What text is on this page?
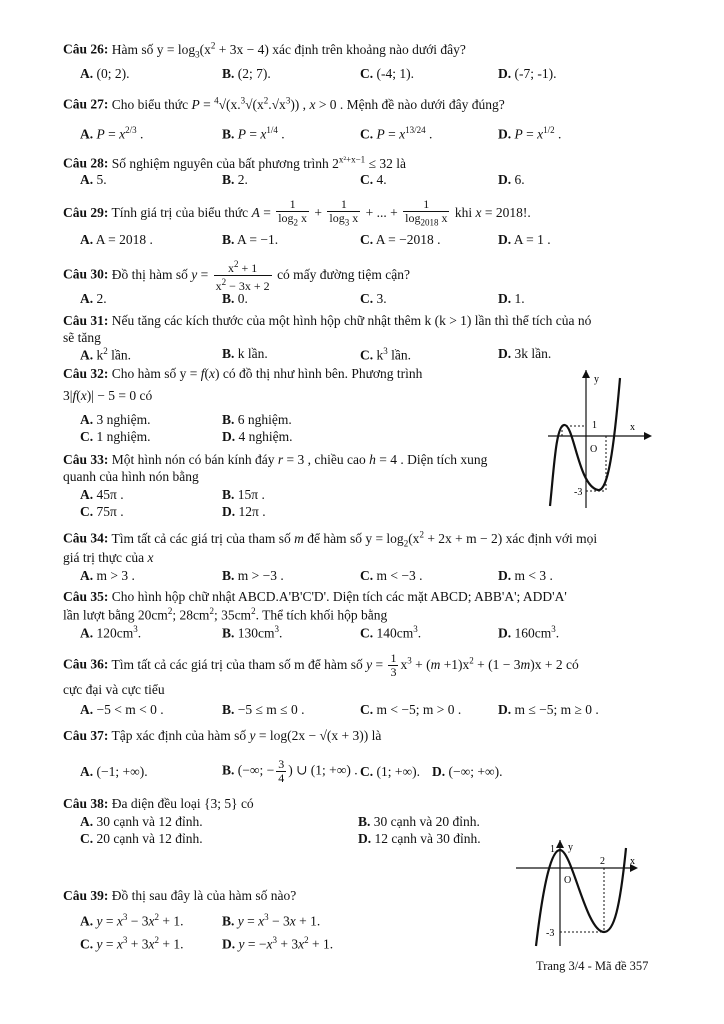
Câu 26: Hàm số $y = \log_3(x^2 + 3x - 4)$ xác định trên khoảng nào dưới đây?
A. (0; 2).	B. (2; 7).	C. (-4; 1).	D. (-7; -1).
Câu 27: Cho biểu thức $P = ^4√(x.^3√(x^2.√x^3))$ , x > 0 . Mệnh đề nào dưới đây đúng?
A. $P = x^{2/3}$ .	B. $P = x^{1/4}$ .	C. $P = x^{13/24}$ .	D. $P = x^{1/2}$ .
Câu 28: Số nghiệm nguyên của bất phương trình $2^{x^2+x-1} \le 32$ là
A. 5.	B. 2.	C. 4.	D. 6.
Câu 29: Tính giá trị của biểu thức $A = \frac{1}{\log_2 x} + \frac{1}{\log_3 x}$ + ... + $\frac{1}{\log_{2018} x}$ khi x = 2018!.
A. A = 2018 .	B. A = −1.	C. A = −2018 .	D. A = 1 .
Câu 30: Đồ thị hàm số $y = \frac{x^2 + 1}{x^2 - 3x + 2}$ có mấy đường tiệm cận?
A. 2.	B. 0.	C. 3.	D. 1.
Câu 31: Nếu tăng các kích thước của một hình hộp chữ nhật thêm k (k > 1) lần thì thể tích của nó
sẽ tăng
A. $k^2$ lần.	B. k lần.	C. $k^3$ lần.	D. 3k lần.
Câu 32: Cho hàm số y = f(x) có đồ thị như hình bên. Phương trình
3|f(x)| − 5 = 0 có
A. 3 nghiệm.	B. 6 nghiệm.
C. 1 nghiệm.	D. 4 nghiệm.
y
x
O
1
-3
Câu 33: Một hình nón có bán kính đáy r = 3 , chiều cao h = 4 . Diện tích xung
quanh của hình nón bằng
A. 45π .	B. 15π .
C. 75π .	D. 12π .
Câu 34: Tìm tất cả các giá trị của tham số m để hàm số $y = \log_2(x^2 + 2x + m - 2)$ xác định với mọi
giá trị thực của x
A. m > 3 .	B. m > −3 .	C. m < −3 .	D. m < 3 .
Câu 35: Cho hình hộp chữ nhật ABCD.A'B'C'D'. Diện tích các mặt ABCD; ABB'A'; ADD'A'
lần lượt bằng $20cm^2$; $28cm^2$; $35cm^2$. Thể tích khối hộp bằng
A. $120cm^3$.	B. $130cm^3$.	C. $140cm^3$.	D. $160cm^3$.
Câu 36: Tìm tất cả các giá trị của tham số m để hàm số $y = \frac{1}{3} x^3 + (m +1)x^2 + (1 - 3m)x + 2$ có
cực đại và cực tiểu
A. −5 < m < 0 .	B. −5 ≤ m ≤ 0 .	C. m < −5; m > 0 .	D. m ≤ −5; m ≥ 0 .
Câu 37: Tập xác định của hàm số y = log(2x − √(x + 3)) là
A. (−1; +∞).	B. (−∞; − $\frac{3}{4}$ ) ∪ (1; +∞) . C. (1; +∞). D. (−∞; +∞).
Câu 38: Đa diện đều loại {3; 5} có
A. 30 cạnh và 12 đỉnh.	B. 30 cạnh và 20 đỉnh.
C. 20 cạnh và 12 đỉnh.	D. 12 cạnh và 30 đỉnh.
y
x
O
1
2
-3
Câu 39: Đồ thị sau đây là của hàm số nào?
A. $y = x^3 - 3x^2 + 1$.	B. $y = x^3 - 3x + 1$.
C. $y = x^3 + 3x^2 + 1$.	D. $y = -x^3 + 3x^2 + 1$.
Trang 3/4 - Mã đề 357
